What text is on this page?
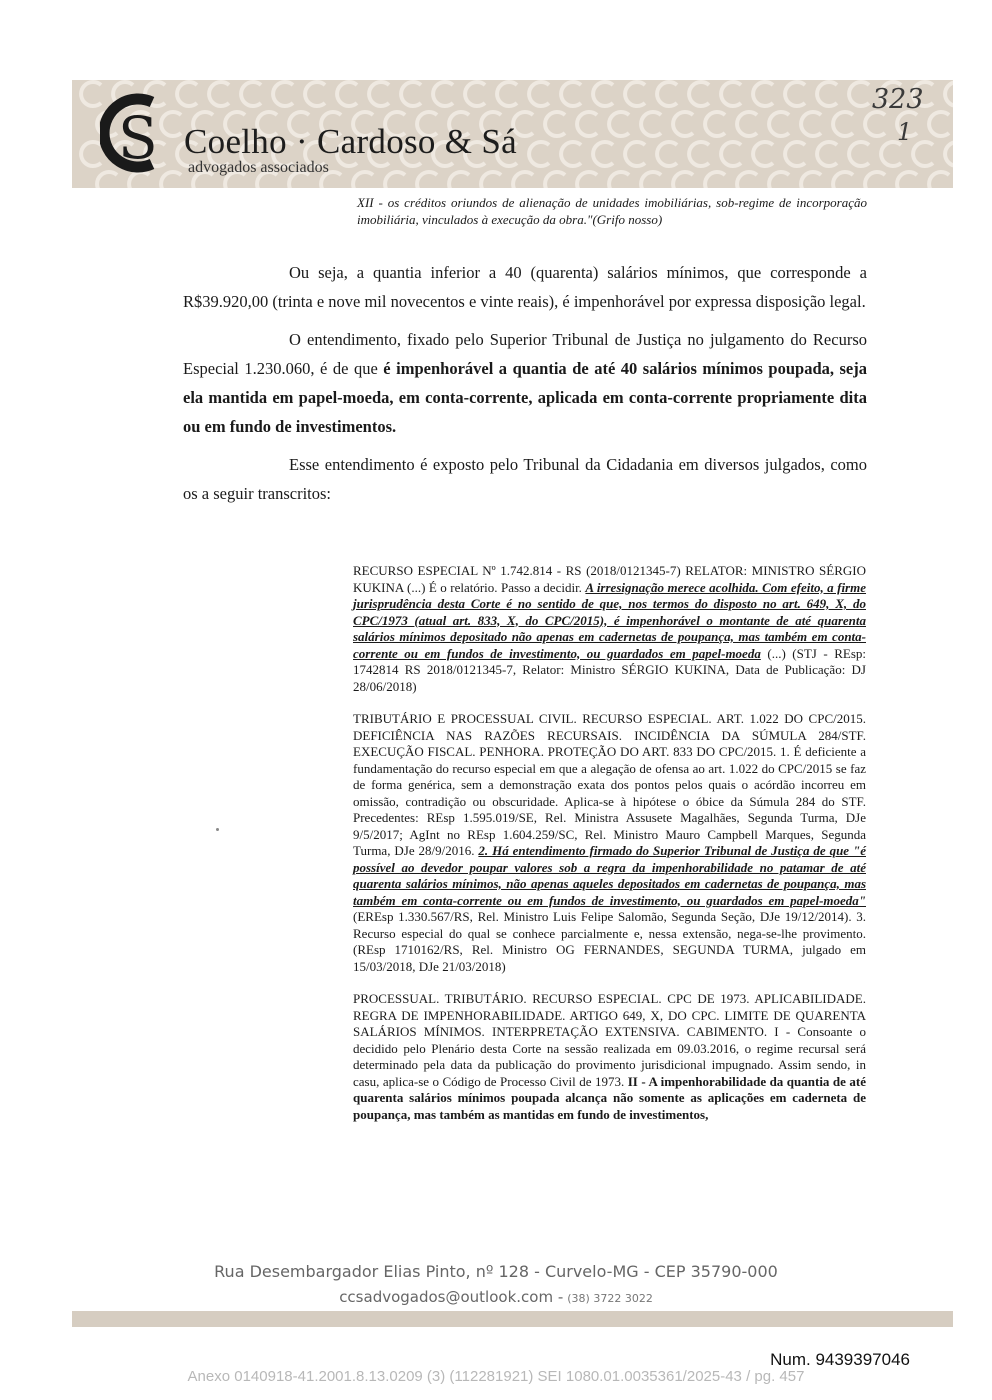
S Coelho · Cardoso & Sá
advogados associados
323
1

XII - os créditos oriundos de alienação de unidades imobiliárias, sob-regime de incorporação imobiliária, vinculados à execução da obra."(Grifo nosso)

Ou seja, a quantia inferior a 40 (quarenta) salários mínimos, que corresponde a R$39.920,00 (trinta e nove mil novecentos e vinte reais), é impenhorável por expressa disposição legal.

O entendimento, fixado pelo Superior Tribunal de Justiça no julgamento do Recurso Especial 1.230.060, é de que é impenhorável a quantia de até 40 salários mínimos poupada, seja ela mantida em papel-moeda, em conta-corrente, aplicada em conta-corrente propriamente dita ou em fundo de investimentos.

Esse entendimento é exposto pelo Tribunal da Cidadania em diversos julgados, como os a seguir transcritos:

RECURSO ESPECIAL Nº 1.742.814 - RS (2018/0121345-7) RELATOR: MINISTRO SÉRGIO KUKINA (...) É o relatório. Passo a decidir. A irresignação merece acolhida. Com efeito, a firme jurisprudência desta Corte é no sentido de que, nos termos do disposto no art. 649, X, do CPC/1973 (atual art. 833, X, do CPC/2015), é impenhorável o montante de até quarenta salários mínimos depositado não apenas em cadernetas de poupança, mas também em conta-corrente ou em fundos de investimento, ou guardados em papel-moeda (...) (STJ - REsp: 1742814 RS 2018/0121345-7, Relator: Ministro SÉRGIO KUKINA, Data de Publicação: DJ 28/06/2018)

TRIBUTÁRIO E PROCESSUAL CIVIL. RECURSO ESPECIAL. ART. 1.022 DO CPC/2015. DEFICIÊNCIA NAS RAZÕES RECURSAIS. INCIDÊNCIA DA SÚMULA 284/STF. EXECUÇÃO FISCAL. PENHORA. PROTEÇÃO DO ART. 833 DO CPC/2015. 1. É deficiente a fundamentação do recurso especial em que a alegação de ofensa ao art. 1.022 do CPC/2015 se faz de forma genérica, sem a demonstração exata dos pontos pelos quais o acórdão incorreu em omissão, contradição ou obscuridade. Aplica-se à hipótese o óbice da Súmula 284 do STF. Precedentes: REsp 1.595.019/SE, Rel. Ministra Assusete Magalhães, Segunda Turma, DJe 9/5/2017; AgInt no REsp 1.604.259/SC, Rel. Ministro Mauro Campbell Marques, Segunda Turma, DJe 28/9/2016. 2. Há entendimento firmado do Superior Tribunal de Justiça de que "é possível ao devedor poupar valores sob a regra da impenhorabilidade no patamar de até quarenta salários mínimos, não apenas aqueles depositados em cadernetas de poupança, mas também em conta-corrente ou em fundos de investimento, ou guardados em papel-moeda" (EREsp 1.330.567/RS, Rel. Ministro Luis Felipe Salomão, Segunda Seção, DJe 19/12/2014). 3. Recurso especial do qual se conhece parcialmente e, nessa extensão, nega-se-lhe provimento. (REsp 1710162/RS, Rel. Ministro OG FERNANDES, SEGUNDA TURMA, julgado em 15/03/2018, DJe 21/03/2018)

PROCESSUAL. TRIBUTÁRIO. RECURSO ESPECIAL. CPC DE 1973. APLICABILIDADE. REGRA DE IMPENHORABILIDADE. ARTIGO 649, X, DO CPC. LIMITE DE QUARENTA SALÁRIOS MÍNIMOS. INTERPRETAÇÃO EXTENSIVA. CABIMENTO. I - Consoante o decidido pelo Plenário desta Corte na sessão realizada em 09.03.2016, o regime recursal será determinado pela data da publicação do provimento jurisdicional impugnado. Assim sendo, in casu, aplica-se o Código de Processo Civil de 1973. II - A impenhorabilidade da quantia de até quarenta salários mínimos poupada alcança não somente as aplicações em caderneta de poupança, mas também as mantidas em fundo de investimentos,

Rua Desembargador Elias Pinto, nº 128 - Curvelo-MG - CEP 35790-000
ccsadvogados@outlook.com - (38) 3722 3022
Num. 9439397046
Anexo 0140918-41.2001.8.13.0209 (3) (112281921) SEI 1080.01.0035361/2025-43 / pg. 457
